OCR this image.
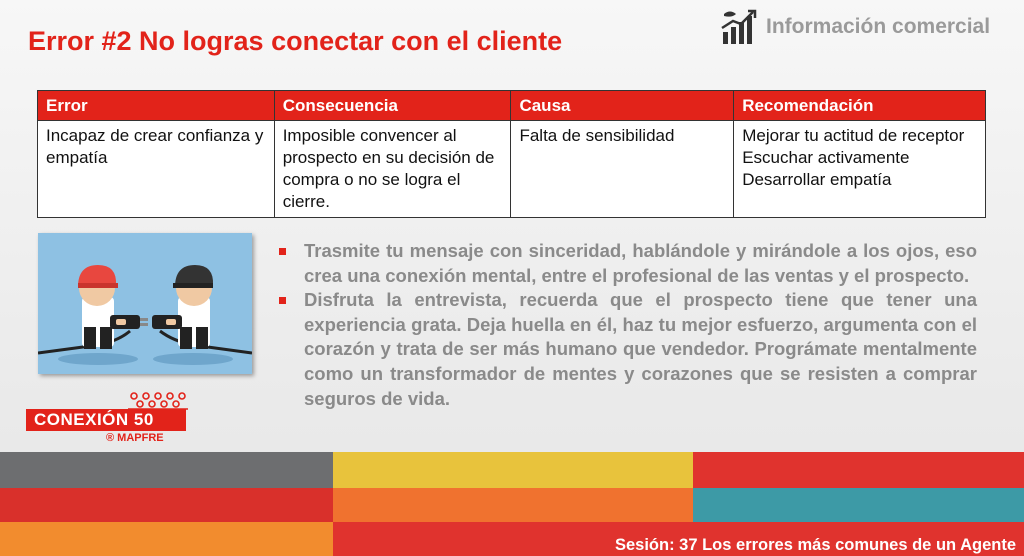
Error #2 No logras conectar con el cliente	Información comercial
Error	Consecuencia	Causa	Recomendación
Incapaz de crear confianza y empatía	Imposible convencer al prospecto en su decisión de compra o no se logra el cierre.	Falta de sensibilidad	Mejorar tu actitud de receptor Escuchar activamente Desarrollar empatía
Trasmite tu mensaje con sinceridad, hablándole y mirándole a los ojos, eso crea una conexión mental, entre el profesional de las ventas y el prospecto.
Disfruta la entrevista, recuerda que el prospecto tiene que tener una experiencia grata. Deja huella en él, haz tu mejor esfuerzo, argumenta con el corazón y trata de ser más humano que vendedor. Prográmate mentalmente como un transformador de mentes y corazones que se resisten a comprar seguros de vida.
CONEXIÓN 50
® MAPFRE
Sesión: 37 Los errores más comunes de un Agente
